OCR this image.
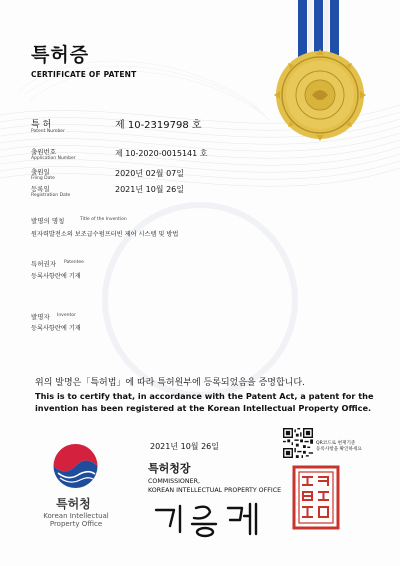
특허증
CERTIFICATE OF PATENT
특 허
Patent Number
제 10-2319798 호
출원번호
Application Number
제 10-2020-0015141 호
출원일
Filing Date
2020년 02월 07일
등록일
Registration Date
2021년 10월 26일
발명의 명칭	Title of the Invention
원자력발전소의 보조급수펌프터빈 제어 시스템 및 방법
특허권자 Patentee
등록사항란에 기재
발명자 Inventor
등록사항란에 기재
위의 발명은「특허법」에 따라 특허원부에 등록되었음을 증명합니다.
This is to certify that, in accordance with the Patent Act, a patent for the
invention has been registered at the Korean Intellectual Property Office.
2021년 10월 26일
특허청장
COMMISSIONER,
KOREAN INTELLECTUAL PROPERTY OFFICE
QR코드로 현재기준
등록사항을 확인하세요
특허청
Korean Intellectual
Property Office
